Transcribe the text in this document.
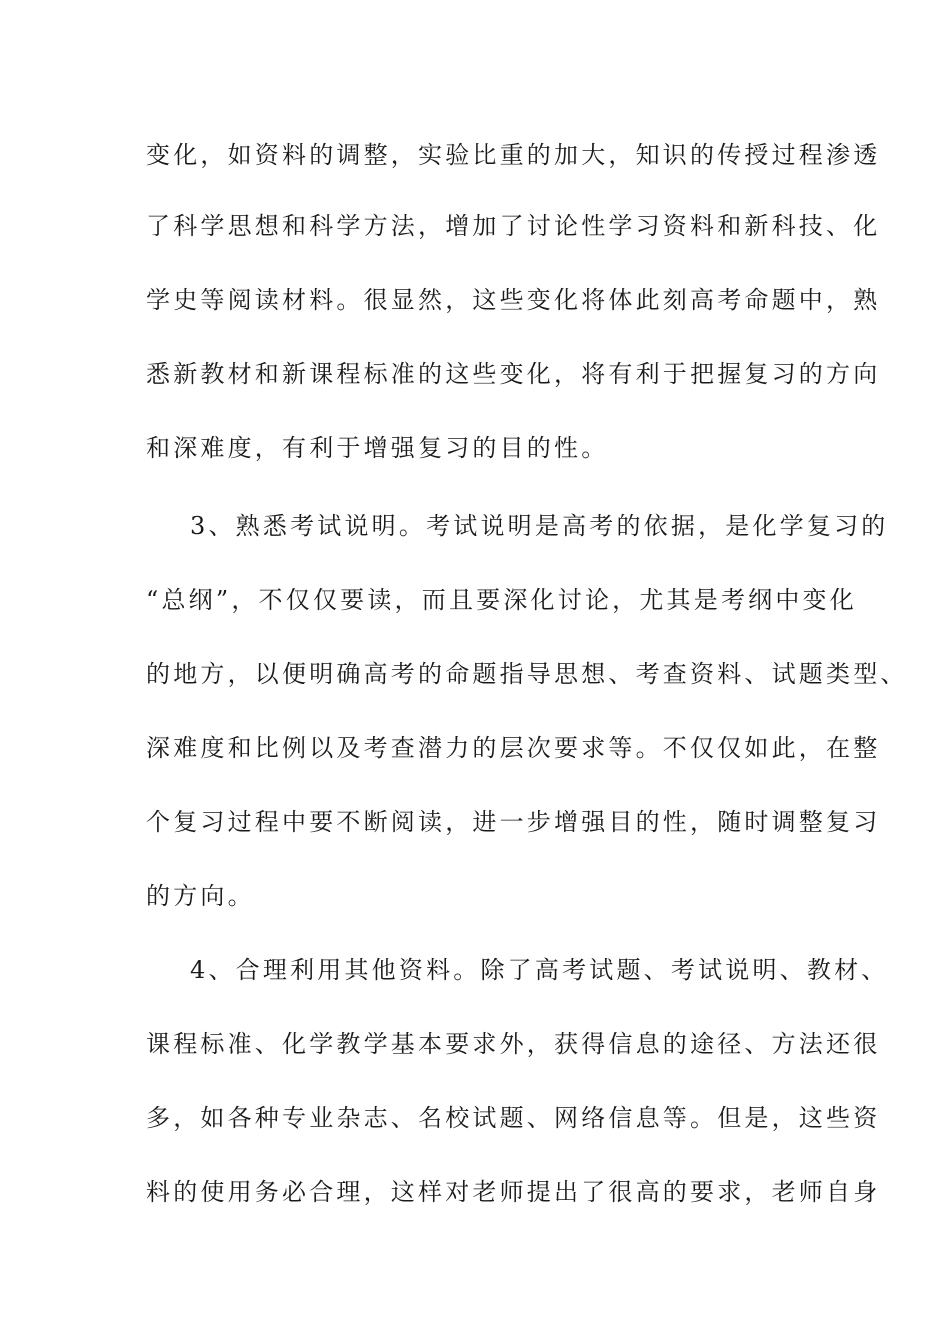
变化，如资料的调整，实验比重的加大，知识的传授过程渗透
了科学思想和科学方法，增加了讨论性学习资料和新科技、化
学史等阅读材料。很显然，这些变化将体此刻高考命题中，熟
悉新教材和新课程标准的这些变化，将有利于把握复习的方向
和深难度，有利于增强复习的目的性。
3、熟悉考试说明。考试说明是高考的依据，是化学复习的
“总纲”，不仅仅要读，而且要深化讨论，尤其是考纲中变化
的地方，以便明确高考的命题指导思想、考查资料、试题类型、
深难度和比例以及考查潜力的层次要求等。不仅仅如此，在整
个复习过程中要不断阅读，进一步增强目的性，随时调整复习
的方向。
4、合理利用其他资料。除了高考试题、考试说明、教材、
课程标准、化学教学基本要求外，获得信息的途径、方法还很
多，如各种专业杂志、名校试题、网络信息等。但是，这些资
料的使用务必合理，这样对老师提出了很高的要求，老师自身
